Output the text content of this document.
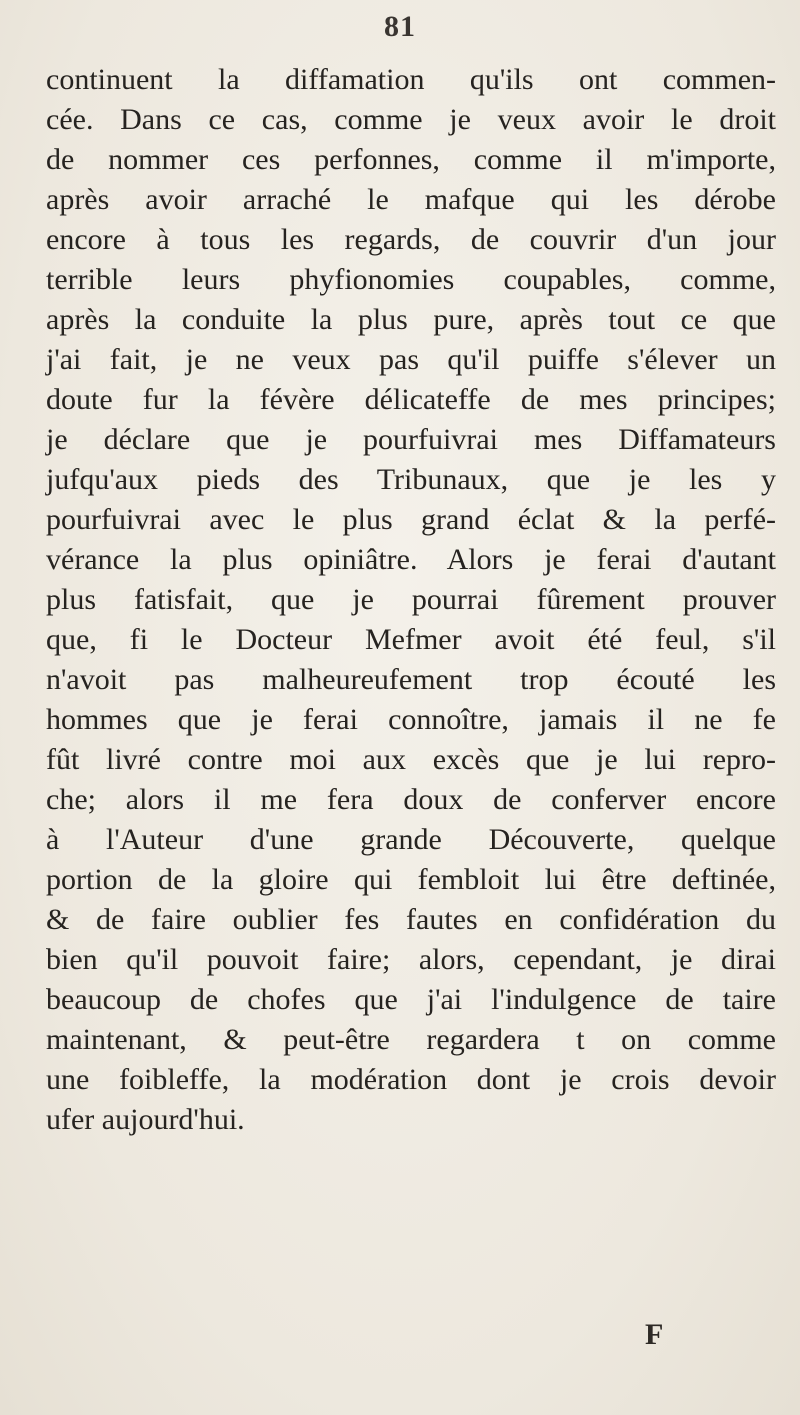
81
continuent la diffamation qu'ils ont commen-
cée. Dans ce cas, comme je veux avoir le droit
de nommer ces perfonnes, comme il m'importe,
après avoir arraché le mafque qui les dérobe
encore à tous les regards, de couvrir d'un jour
terrible leurs phyfionomies coupables, comme,
après la conduite la plus pure, après tout ce que
j'ai fait, je ne veux pas qu'il puiffe s'élever un
doute fur la févère délicateffe de mes principes;
je déclare que je pourfuivrai mes Diffamateurs
jufqu'aux pieds des Tribunaux, que je les y
pourfuivrai avec le plus grand éclat & la perfé-
vérance la plus opiniâtre. Alors je ferai d'autant
plus fatisfait, que je pourrai fûrement prouver
que, fi le Docteur Mefmer avoit été feul, s'il
n'avoit pas malheureufement trop écouté les
hommes que je ferai connoître, jamais il ne fe
fût livré contre moi aux excès que je lui repro-
che; alors il me fera doux de conferver encore
à l'Auteur d'une grande Découverte, quelque
portion de la gloire qui fembloit lui être deftinée,
& de faire oublier fes fautes en confidération du
bien qu'il pouvoit faire; alors, cependant, je dirai
beaucoup de chofes que j'ai l'indulgence de taire
maintenant, & peut-être regardera t on comme
une foibleffe, la modération dont je crois devoir
ufer aujourd'hui.
F
